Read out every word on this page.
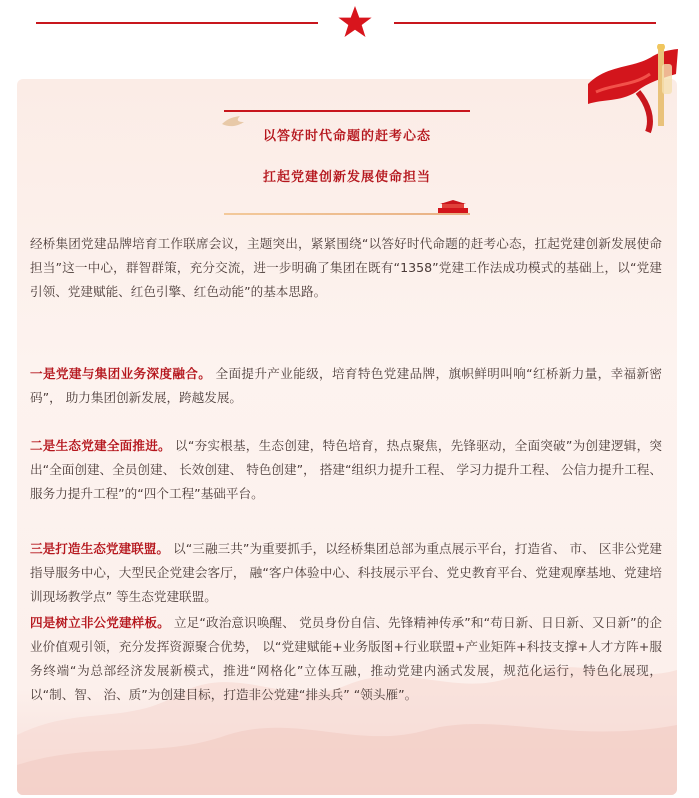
以答好时代命题的赶考心态
扛起党建创新发展使命担当

经桥集团党建品牌培育工作联席会议，主题突出，紧紧围绕“以答好时代命题的赶考心态，扛起党建创新发展使命担当”这一中心，群智群策，充分交流，进一步明确了集团在既有“1358”党建工作法成功模式的基础上，以“党建引领、党建赋能、红色引擎、红色动能”的基本思路。

一是党建与集团业务深度融合。 全面提升产业能级，培育特色党建品牌，旗帜鲜明叫响“红桥新力量，幸福新密码”， 助力集团创新发展，跨越发展。

二是生态党建全面推进。 以“夯实根基，生态创建，特色培育，热点聚焦，先锋驱动，全面突破”为创建逻辑，突出“全面创建、全员创建、 长效创建、 特色创建”， 搭建“组织力提升工程、 学习力提升工程、 公信力提升工程、 服务力提升工程”的“四个工程”基础平台。

三是打造生态党建联盟。 以“三融三共”为重要抓手，以经桥集团总部为重点展示平台，打造省、 市、 区非公党建指导服务中心，大型民企党建会客厅， 融“客户体验中心、科技展示平台、党史教育平台、党建观摩基地、党建培训现场教学点” 等生态党建联盟。

四是树立非公党建样板。 立足“政治意识唤醒、 党员身份自信、先锋精神传承”和“苟日新、日日新、又日新”的企业价值观引领，充分发挥资源聚合优势， 以“党建赋能+业务版图+行业联盟+产业矩阵+科技支撑+人才方阵+服务终端“为总部经济发展新模式，推进“网格化”立体互融，推动党建内涵式发展，规范化运行，特色化展现，以“制、智、 治、质”为创建目标，打造非公党建“排头兵” “领头雁”。
